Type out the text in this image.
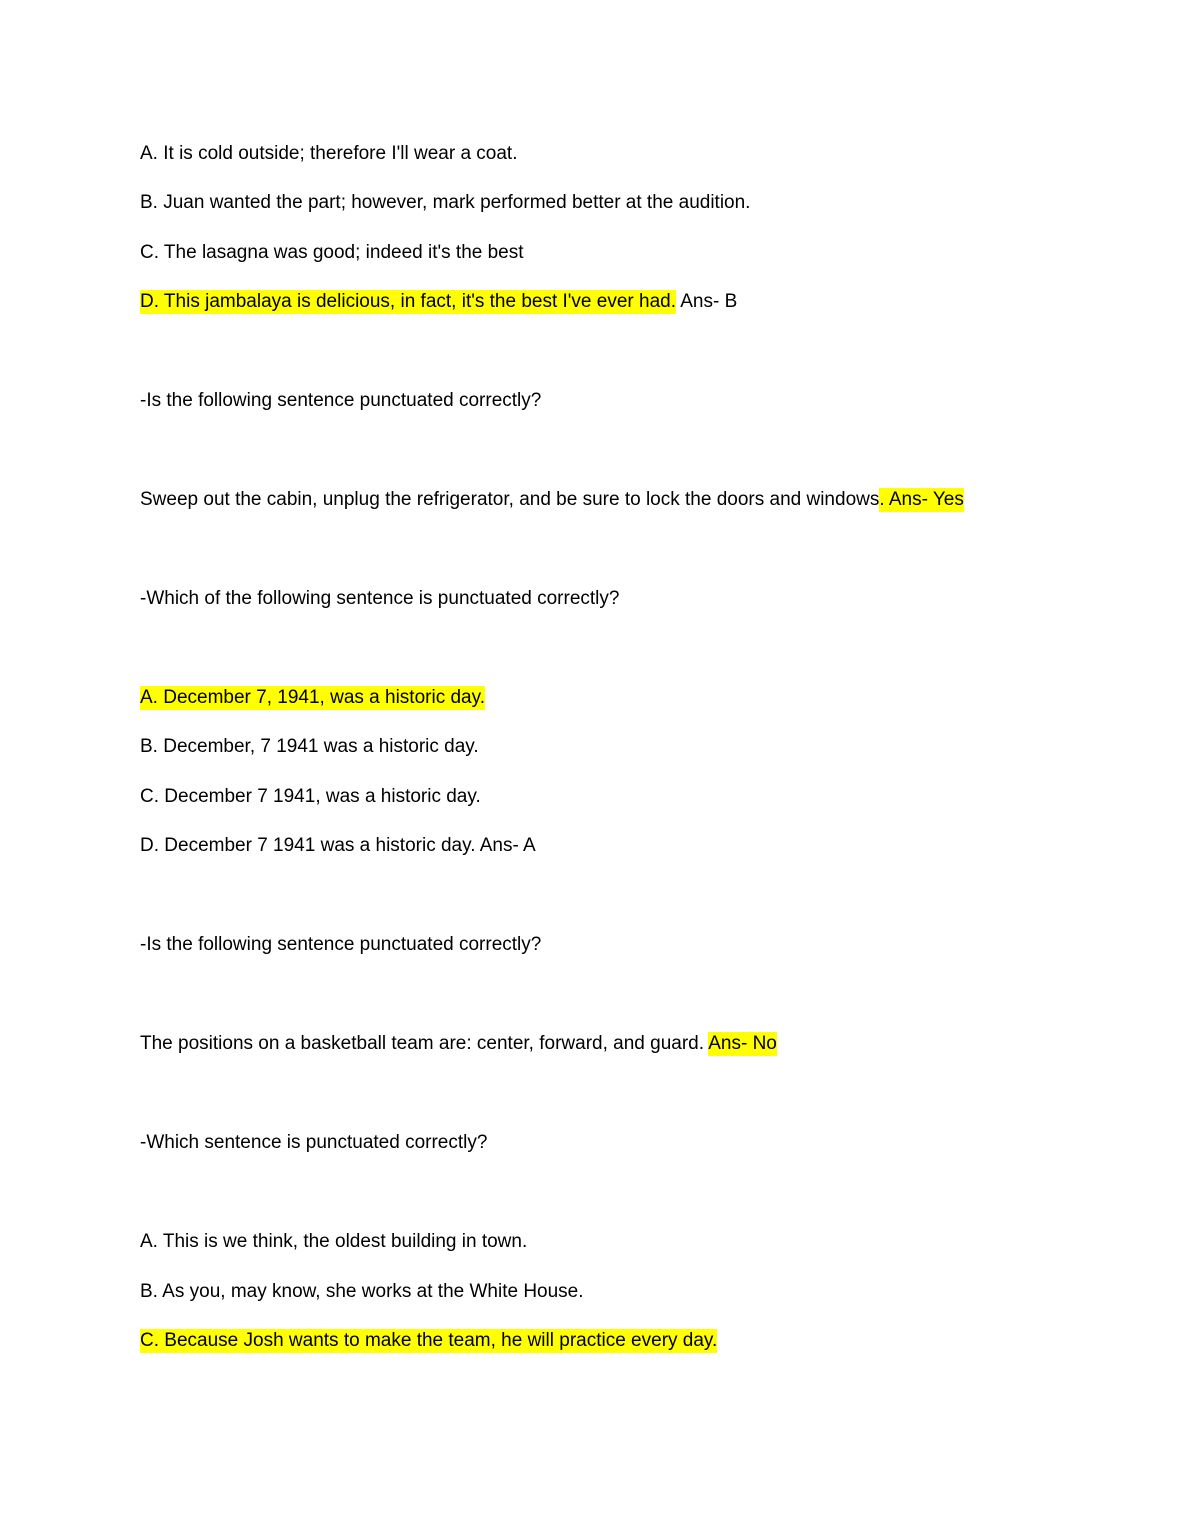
A. It is cold outside; therefore I'll wear a coat.
B. Juan wanted the part; however, mark performed better at the audition.
C. The lasagna was good; indeed it's the best
D. This jambalaya is delicious, in fact, it's the best I've ever had. Ans- B
-Is the following sentence punctuated correctly?
Sweep out the cabin, unplug the refrigerator, and be sure to lock the doors and windows. Ans- Yes
-Which of the following sentence is punctuated correctly?
A. December 7, 1941, was a historic day.
B. December, 7 1941 was a historic day.
C. December 7 1941, was a historic day.
D. December 7 1941 was a historic day. Ans- A
-Is the following sentence punctuated correctly?
The positions on a basketball team are: center, forward, and guard. Ans- No
-Which sentence is punctuated correctly?
A. This is we think, the oldest building in town.
B. As you, may know, she works at the White House.
C. Because Josh wants to make the team, he will practice every day.
